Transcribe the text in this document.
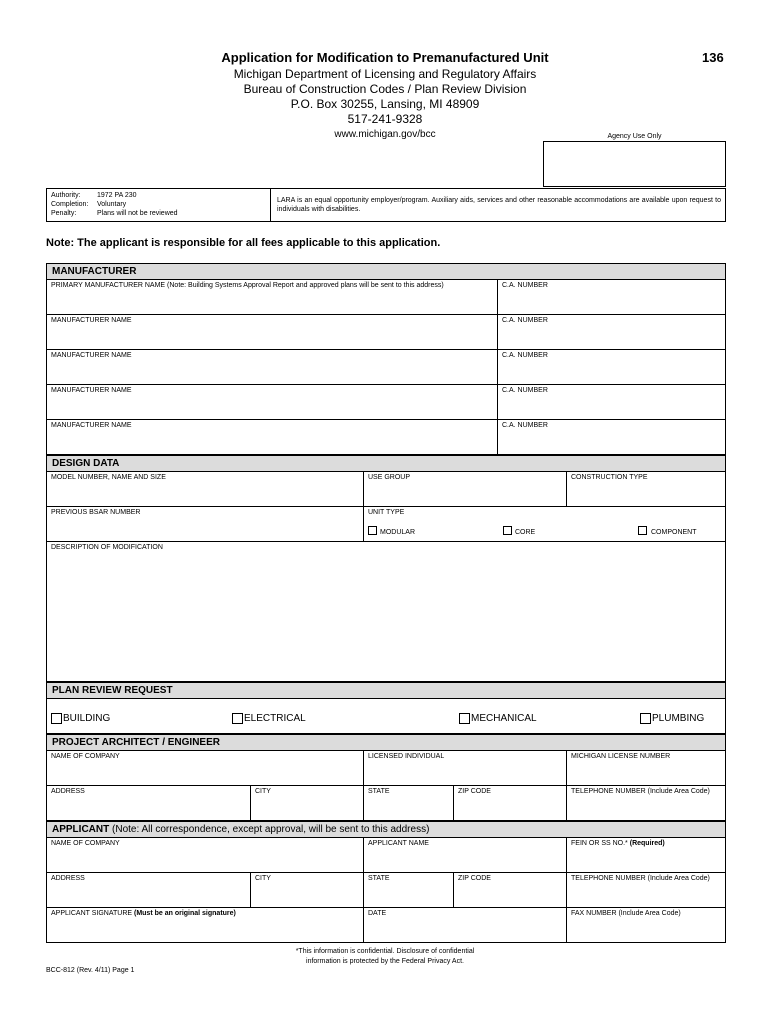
Application for Modification to Premanufactured Unit	136
Michigan Department of Licensing and Regulatory Affairs
Bureau of Construction Codes / Plan Review Division
P.O. Box 30255, Lansing, MI 48909
517-241-9328
www.michigan.gov/bcc	Agency Use Only
Authority: 1972 PA 230
Completion: Voluntary
Penalty:	Plans will not be reviewed
LARA is an equal opportunity employer/program. Auxiliary aids, services and other reasonable accommodations are available upon request to individuals with disabilities.
Note: The applicant is responsible for all fees applicable to this application.
MANUFACTURER
PRIMARY MANUFACTURER NAME (Note: Building Systems Approval Report and approved plans will be sent to this address)	C.A. NUMBER
MANUFACTURER NAME	C.A. NUMBER
MANUFACTURER NAME	C.A. NUMBER
MANUFACTURER NAME	C.A. NUMBER
MANUFACTURER NAME	C.A. NUMBER
DESIGN DATA
MODEL NUMBER, NAME AND SIZE	USE GROUP	CONSTRUCTION TYPE
PREVIOUS BSAR NUMBER	UNIT TYPE
MODULAR	CORE	COMPONENT
DESCRIPTION OF MODIFICATION
PLAN REVIEW REQUEST
BUILDING	ELECTRICAL	MECHANICAL	PLUMBING
PROJECT ARCHITECT / ENGINEER
NAME OF COMPANY	LICENSED INDIVIDUAL	MICHIGAN LICENSE NUMBER
ADDRESS	CITY	STATE	ZIP CODE	TELEPHONE NUMBER (Include Area Code)
APPLICANT (Note: All correspondence, except approval, will be sent to this address)
NAME OF COMPANY	APPLICANT NAME	FEIN OR SS NO.* (Required)
ADDRESS	CITY	STATE	ZIP CODE	TELEPHONE NUMBER (Include Area Code)
APPLICANT SIGNATURE (Must be an original signature)	DATE	FAX NUMBER (Include Area Code)
*This information is confidential. Disclosure of confidential
information is protected by the Federal Privacy Act.
BCC-812 (Rev. 4/11) Page 1
